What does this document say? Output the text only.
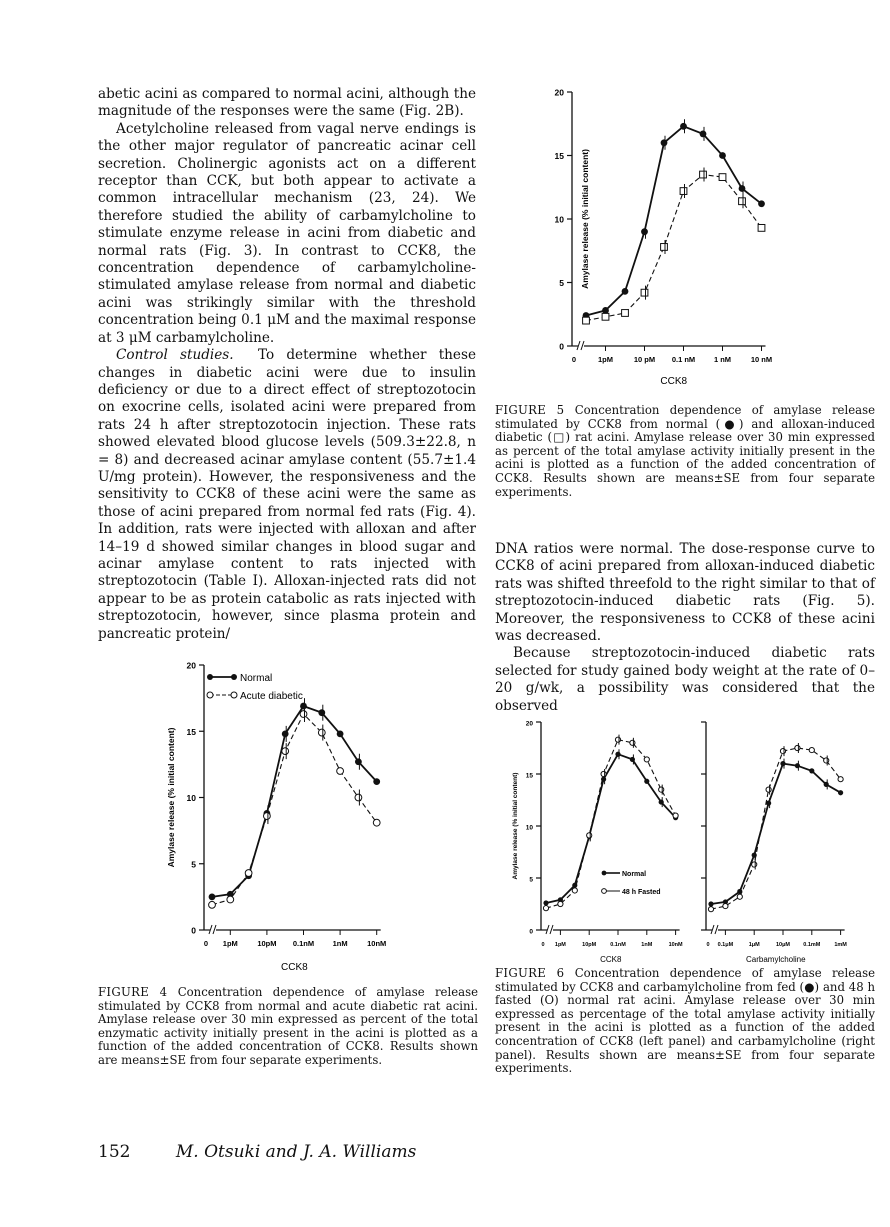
abetic acini as compared to normal acini, although the magnitude of the responses were the same (Fig. 2B).

Acetylcholine released from vagal nerve endings is the other major regulator of pancreatic acinar cell secretion. Cholinergic agonists act on a different receptor than CCK, but both appear to activate a common intracellular mechanism (23, 24). We therefore studied the ability of carbamylcholine to stimulate enzyme release in acini from diabetic and normal rats (Fig. 3). In contrast to CCK8, the concentration dependence of carbamylcholine-stimulated amylase release from normal and diabetic acini was strikingly similar with the threshold concentration being 0.1 μM and the maximal response at 3 μM carbamylcholine.

Control studies. To determine whether these changes in diabetic acini were due to insulin deficiency or due to a direct effect of streptozotocin on exocrine cells, isolated acini were prepared from rats 24 h after streptozotocin injection. These rats showed elevated blood glucose levels (509.3±22.8, n = 8) and decreased acinar amylase content (55.7±1.4 U/mg protein). However, the responsiveness and the sensitivity to CCK8 of these acini were the same as those of acini prepared from normal fed rats (Fig. 4). In addition, rats were injected with alloxan and after 14–19 d showed similar changes in blood sugar and acinar amylase content to rats injected with streptozotocin (Table I). Alloxan-injected rats did not appear to be as protein catabolic as rats injected with streptozotocin, however, since plasma protein and pancreatic protein/

DNA ratios were normal. The dose-response curve to CCK8 of acini prepared from alloxan-induced diabetic rats was shifted threefold to the right similar to that of streptozotocin-induced diabetic rats (Fig. 5). Moreover, the responsiveness to CCK8 of these acini was decreased.

Because streptozotocin-induced diabetic rats selected for study gained body weight at the rate of 0–20 g/wk, a possibility was considered that the observed

0
5
10
15
20
Amylase release (% initial content)
0	1pM	10 pM 0.1 nM	1 nM	10 nM
CCK8
FIGURE 5 Concentration dependence of amylase release stimulated by CCK8 from normal (●) and alloxan-induced diabetic (□) rat acini. Amylase release over 30 min expressed as percent of the total amylase activity initially present in the acini is plotted as a function of the added concentration of CCK8. Results shown are means±SE from four separate experiments.
0
5
10
15
20
Amylase release (% initial content)
0 1pM	10pM 0.1nM 1nM	10nM
CCK8
Normal
Acute diabetic
FIGURE 4 Concentration dependence of amylase release stimulated by CCK8 from normal and acute diabetic rat acini. Amylase release over 30 min expressed as percent of the total enzymatic activity initially present in the acini is plotted as a function of the added concentration of CCK8. Results shown are means±SE from four separate experiments.
0
5
10
15
20
Amylase release (% initial content)
0 1pM	10pM	0.1nM	1nM	10nM
CCK8
0 0.1μM	1μM	10μM 0.1mM	1mM
Carbamylcholine
Normal
48 h Fasted
FIGURE 6 Concentration dependence of amylase release stimulated by CCK8 and carbamylcholine from fed (●) and 48 h fasted (O) normal rat acini. Amylase release over 30 min expressed as percentage of the total amylase activity initially present in the acini is plotted as a function of the added concentration of CCK8 (left panel) and carbamylcholine (right panel). Results shown are means±SE from four separate experiments.
152	M. Otsuki and J. A. Williams
